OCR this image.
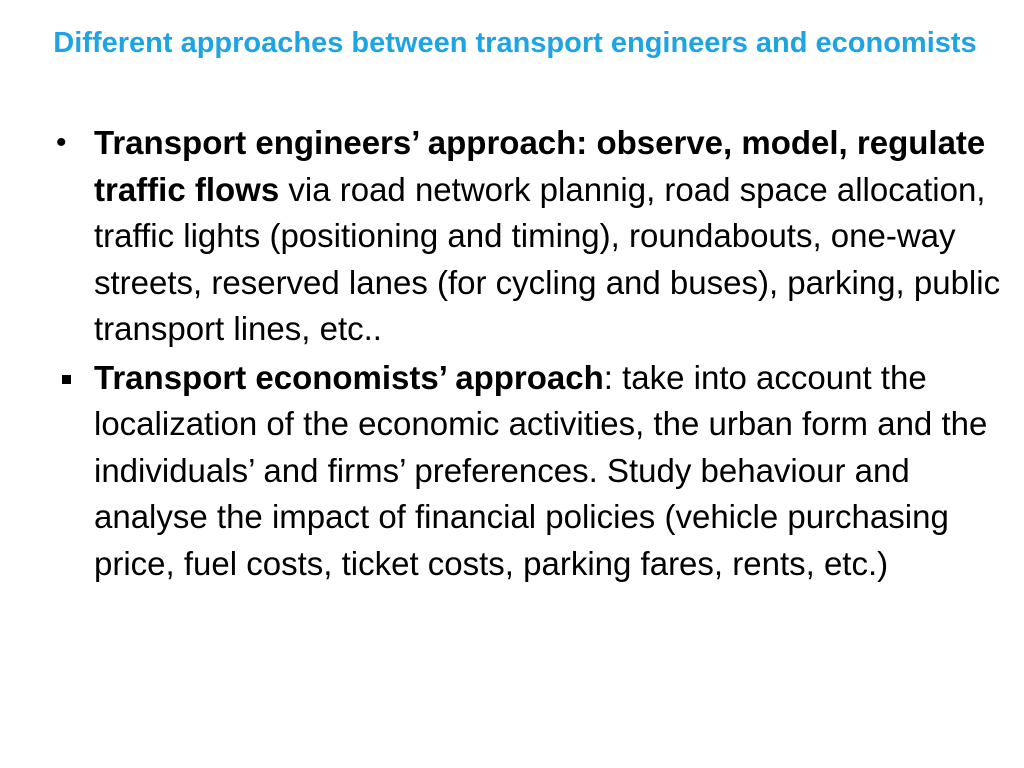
Different approaches between transport engineers and economists
• Transport engineers’ approach: observe, model, regulate traffic flows via road network plannig, road space allocation, traffic lights (positioning and timing), roundabouts, one-way streets, reserved lanes (for cycling and buses), parking, public transport lines, etc..
Transport economists’ approach: take into account the localization of the economic activities, the urban form and the individuals’ and firms’ preferences. Study behaviour and analyse the impact of financial policies (vehicle purchasing price, fuel costs, ticket costs, parking fares, rents, etc.)
